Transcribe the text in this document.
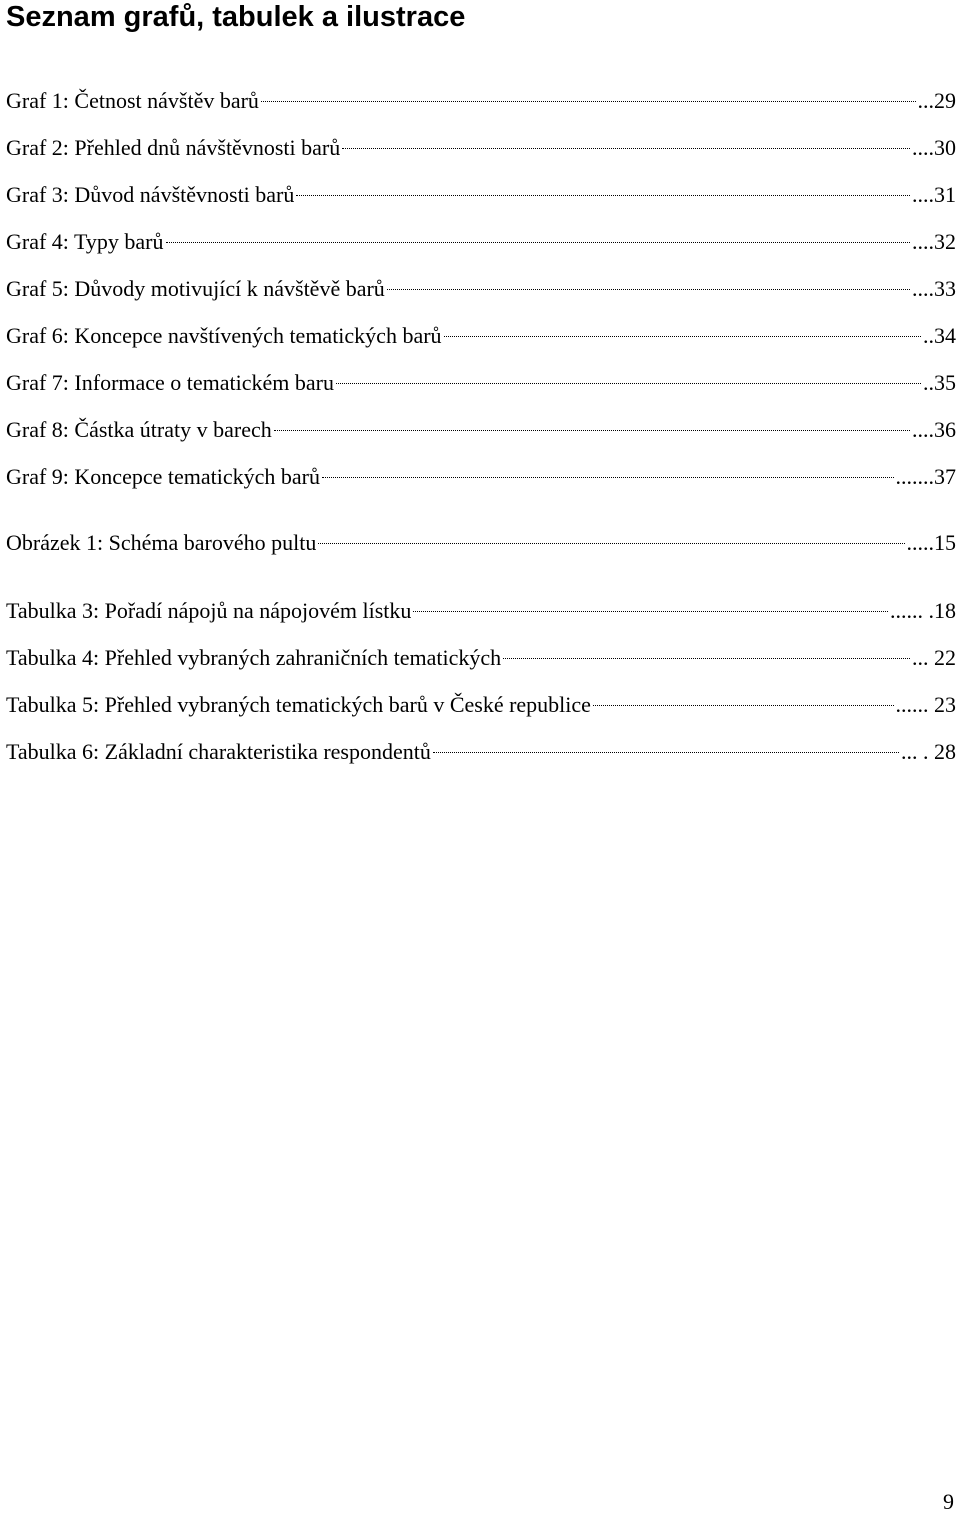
Seznam grafů, tabulek a ilustrace
Graf 1: Četnost návštěv barů	...29
Graf 2: Přehled dnů návštěvnosti barů	....30
Graf 3: Důvod návštěvnosti barů	....31
Graf 4: Typy barů	....32
Graf 5: Důvody motivující k návštěvě barů	....33
Graf 6: Koncepce navštívených tematických barů	..34
Graf 7: Informace o tematickém baru	..35
Graf 8: Částka útraty v barech	....36
Graf 9: Koncepce tematických barů	.......37
Obrázek 1: Schéma barového pultu	.....15
Tabulka 3: Pořadí nápojů na nápojovém lístku	...... .18
Tabulka 4: Přehled vybraných zahraničních tematických	... 22
Tabulka 5: Přehled vybraných tematických barů v České republice	...... 23
Tabulka 6: Základní charakteristika respondentů	... . 28
9
